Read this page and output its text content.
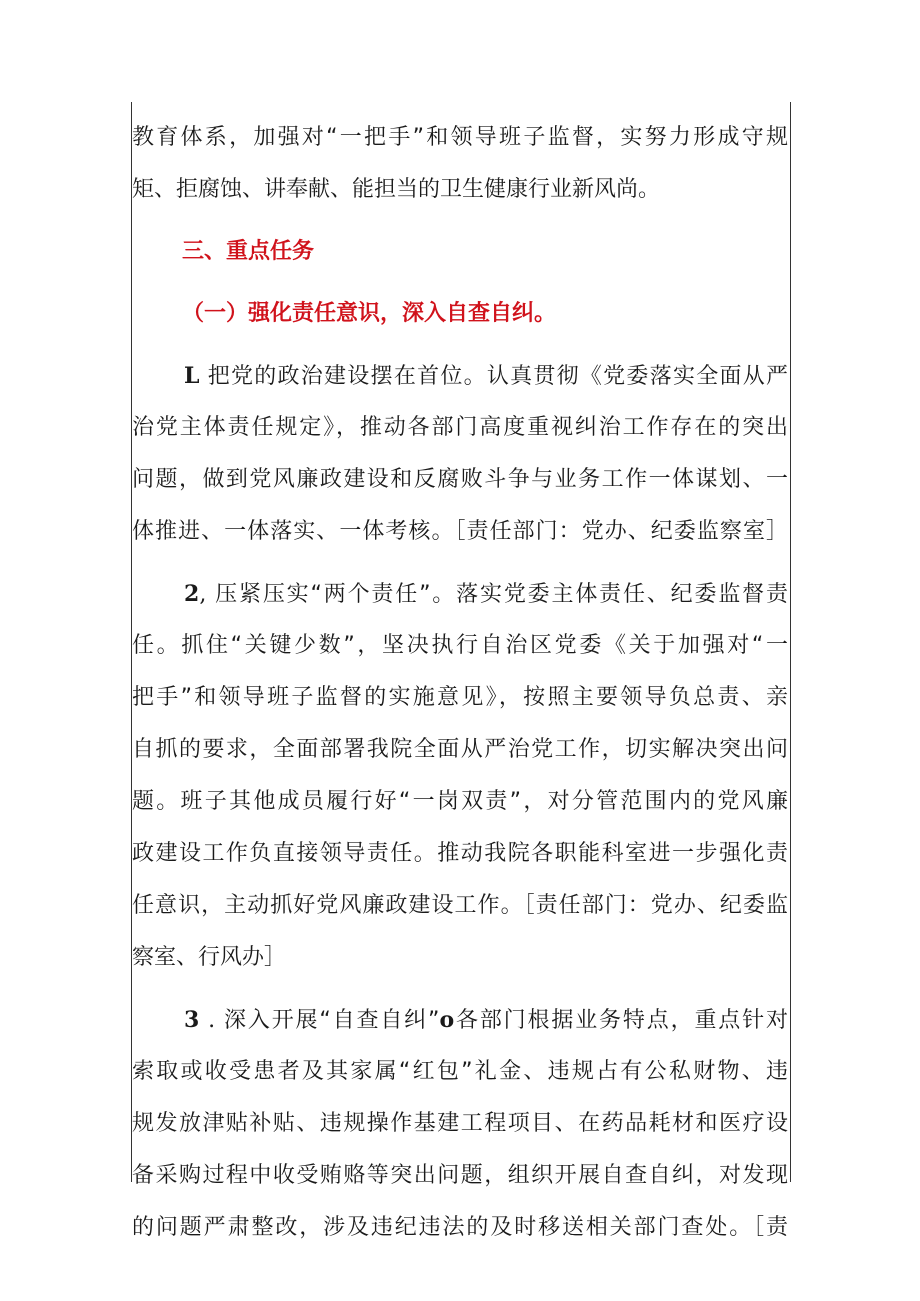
教育体系，加强对“一把手”和领导班子监督，实努力形成守规
矩、拒腐蚀、讲奉献、能担当的卫生健康行业新风尚。
三、重点任务
（一）强化责任意识，深入自查自纠。
L 把党的政治建设摆在首位。认真贯彻《党委落实全面从严
治党主体责任规定》，推动各部门高度重视纠治工作存在的突出
问题，做到党风廉政建设和反腐败斗争与业务工作一体谋划、一
体推进、一体落实、一体考核。［责任部门：党办、纪委监察室］
2, 压紧压实“两个责任”。落实党委主体责任、纪委监督责
任。抓住“关键少数”，坚决执行自治区党委《关于加强对“一
把手”和领导班子监督的实施意见》，按照主要领导负总责、亲
自抓的要求，全面部署我院全面从严治党工作，切实解决突出问
题。班子其他成员履行好“一岗双责”，对分管范围内的党风廉
政建设工作负直接领导责任。推动我院各职能科室进一步强化责
任意识，主动抓好党风廉政建设工作。［责任部门：党办、纪委监
察室、行风办］
3 . 深入开展“自查自纠”o各部门根据业务特点，重点针对
索取或收受患者及其家属“红包”礼金、违规占有公私财物、违
规发放津贴补贴、违规操作基建工程项目、在药品耗材和医疗设
备采购过程中收受贿赂等突出问题，组织开展自查自纠，对发现
的问题严肃整改，涉及违纪违法的及时移送相关部门查处。［责
